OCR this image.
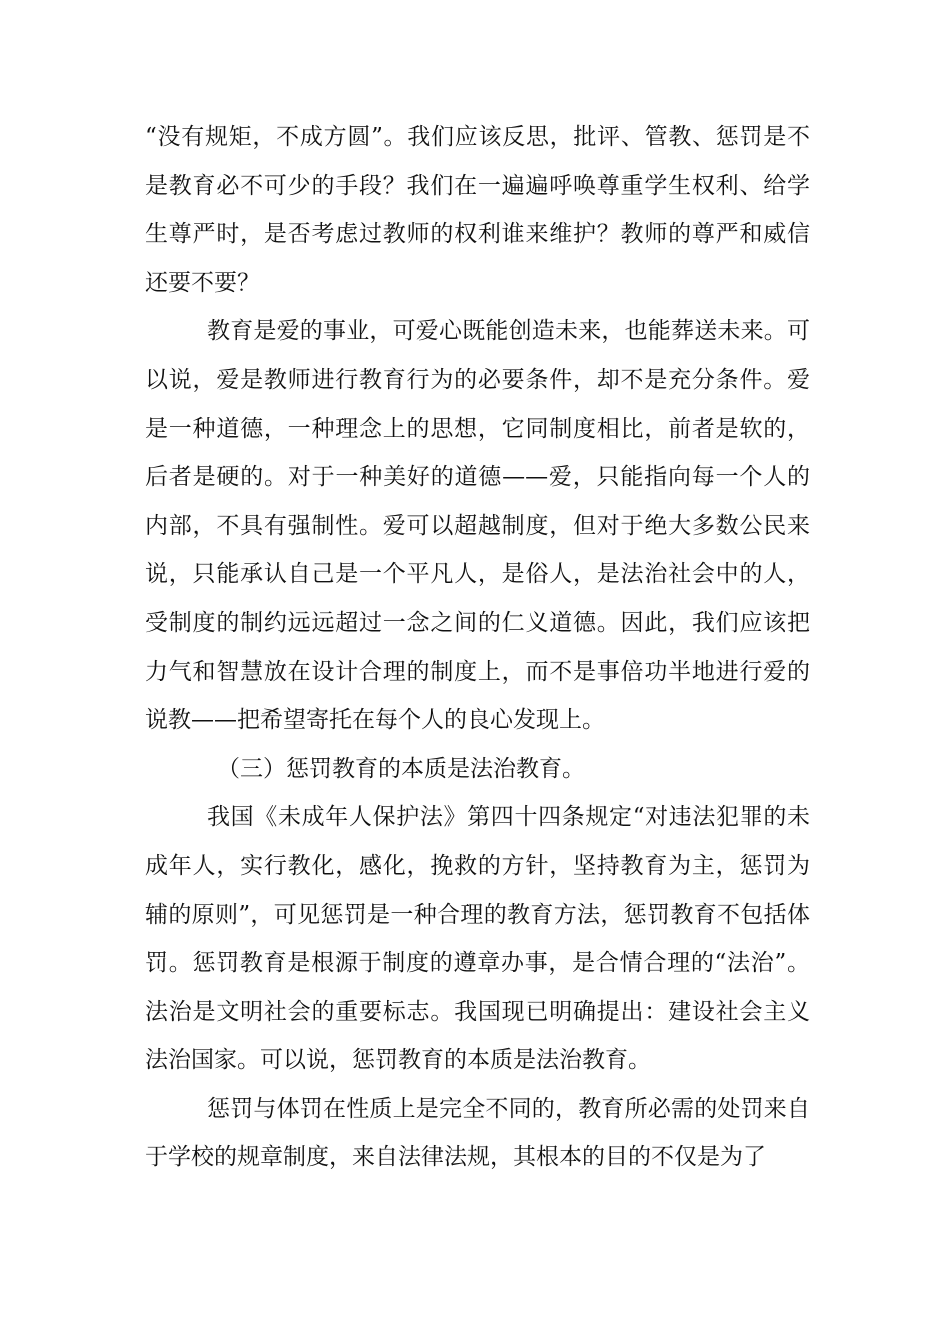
“没有规矩，不成方圆”。我们应该反思，批评、管教、惩罚是不是教育必不可少的手段？我们在一遍遍呼唤尊重学生权利、给学生尊严时，是否考虑过教师的权利谁来维护？教师的尊严和威信还要不要？

教育是爱的事业，可爱心既能创造未来，也能葬送未来。可以说，爱是教师进行教育行为的必要条件，却不是充分条件。爱是一种道德，一种理念上的思想，它同制度相比，前者是软的，后者是硬的。对于一种美好的道德——爱，只能指向每一个人的内部，不具有强制性。爱可以超越制度，但对于绝大多数公民来说，只能承认自己是一个平凡人，是俗人，是法治社会中的人，受制度的制约远远超过一念之间的仁义道德。因此，我们应该把力气和智慧放在设计合理的制度上，而不是事倍功半地进行爱的说教——把希望寄托在每个人的良心发现上。

（三）惩罚教育的本质是法治教育。

我国《未成年人保护法》第四十四条规定“对违法犯罪的未成年人，实行教化，感化，挽救的方针，坚持教育为主，惩罚为辅的原则”，可见惩罚是一种合理的教育方法，惩罚教育不包括体罚。惩罚教育是根源于制度的遵章办事，是合情合理的“法治”。法治是文明社会的重要标志。我国现已明确提出：建设社会主义法治国家。可以说，惩罚教育的本质是法治教育。

惩罚与体罚在性质上是完全不同的，教育所必需的处罚来自于学校的规章制度，来自法律法规，其根本的目的不仅是为了
